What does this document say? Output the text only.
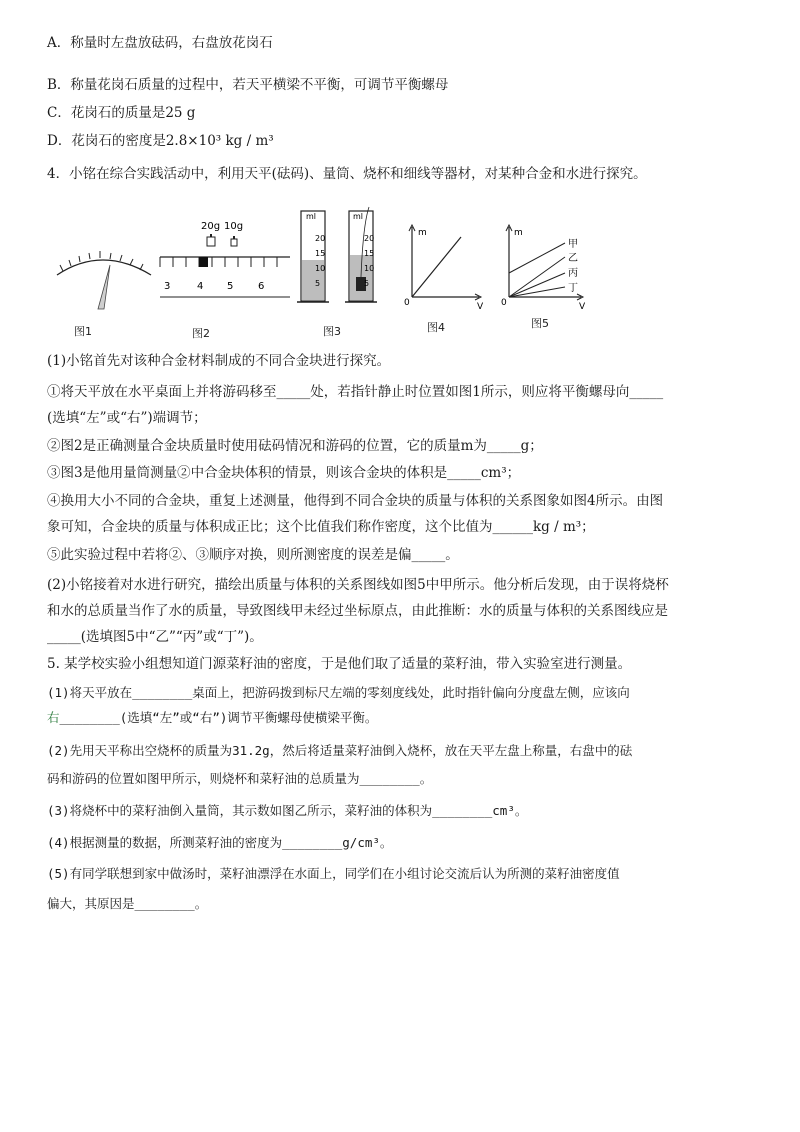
A．称量时左盘放砝码，右盘放花岗石
B．称量花岗石质量的过程中，若天平横梁不平衡，可调节平衡螺母
C．花岗石的质量是25 g
D．花岗石的密度是2.8×10³ kg / m³
4．小铭在综合实践活动中，利用天平(砝码)、量筒、烧杯和细线等器材，对某种合金和水进行探究。
20g 10g
3	4 5 6
ml
20
15
10
5
ml
20
15
10
5
m
V
0
甲
乙
丙
丁
m
V
0
图1	图2	图3	图4	图5
(1)小铭首先对该种合金材料制成的不同合金块进行探究。
①将天平放在水平桌面上并将游码移至_____处，若指针静止时位置如图1所示，则应将平衡螺母向_____
(选填“左”或“右”)端调节；
②图2是正确测量合金块质量时使用砝码情况和游码的位置，它的质量m为_____g；
③图3是他用量筒测量②中合金块体积的情景，则该合金块的体积是_____cm³；
④换用大小不同的合金块，重复上述测量，他得到不同合金块的质量与体积的关系图象如图4所示。由图
象可知，合金块的质量与体积成正比；这个比值我们称作密度，这个比值为______kg / m³；
⑤此实验过程中若将②、③顺序对换，则所测密度的误差是偏_____。
(2)小铭接着对水进行研究，描绘出质量与体积的关系图线如图5中甲所示。他分析后发现，由于误将烧杯
和水的总质量当作了水的质量，导致图线甲未经过坐标原点，由此推断：水的质量与体积的关系图线应是
_____(选填图5中“乙”“丙”或“丁”)。
5. 某学校实验小组想知道门源菜籽油的密度，于是他们取了适量的菜籽油，带入实验室进行测量。
(1)将天平放在________桌面上，把游码拨到标尺左端的零刻度线处，此时指针偏向分度盘左侧，应该向
右________(选填“左”或“右”)调节平衡螺母使横梁平衡。
(2)先用天平称出空烧杯的质量为31.2g，然后将适量菜籽油倒入烧杯，放在天平左盘上称量，右盘中的砝
码和游码的位置如图甲所示，则烧杯和菜籽油的总质量为________。
(3)将烧杯中的菜籽油倒入量筒，其示数如图乙所示，菜籽油的体积为________cm³。
(4)根据测量的数据，所测菜籽油的密度为________g/cm³。
(5)有同学联想到家中做汤时，菜籽油漂浮在水面上，同学们在小组讨论交流后认为所测的菜籽油密度值
偏大，其原因是________。
